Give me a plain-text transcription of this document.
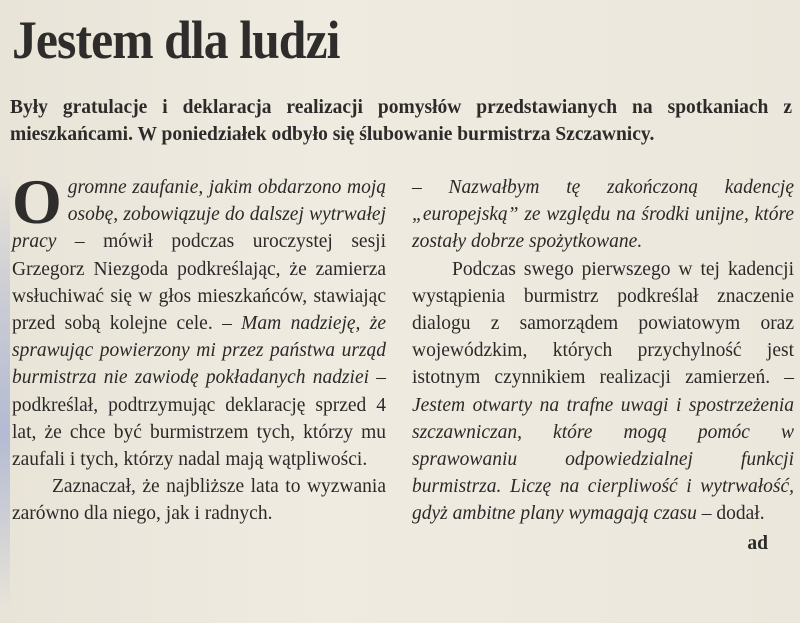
Jestem dla ludzi
Były gratulacje i deklaracja realizacji pomysłów przedstawianych na spotkaniach z mieszkańcami. W poniedziałek odbyło się ślubowanie burmistrza Szczawnicy.

Ogromne zaufanie, jakim obdarzono moją osobę, zobowiązuje do dalszej wytrwałej pracy – mówił podczas uroczystej sesji Grzegorz Niezgoda podkreślając, że zamierza wsłuchiwać się w głos mieszkańców, stawiając przed sobą kolejne cele. – Mam nadzieję, że sprawując powierzony mi przez państwa urząd burmistrza nie zawiodę pokładanych nadziei – podkreślał, podtrzymując deklarację sprzed 4 lat, że chce być burmistrzem tych, którzy mu zaufali i tych, którzy nadal mają wątpliwości.

Zaznaczał, że najbliższe lata to wyzwania zarówno dla niego, jak i radnych.

– Nazwałbym tę zakończoną kadencję „europejską” ze względu na środki unijne, które zostały dobrze spożytkowane.

Podczas swego pierwszego w tej kadencji wystąpienia burmistrz podkreślał znaczenie dialogu z samorządem powiatowym oraz wojewódzkim, których przychylność jest istotnym czynnikiem realizacji zamierzeń. – Jestem otwarty na trafne uwagi i spostrzeżenia szczawniczan, które mogą pomóc w sprawowaniu odpowiedzialnej funkcji burmistrza. Liczę na cierpliwość i wytrwałość, gdyż ambitne plany wymagają czasu – dodał.

ad
